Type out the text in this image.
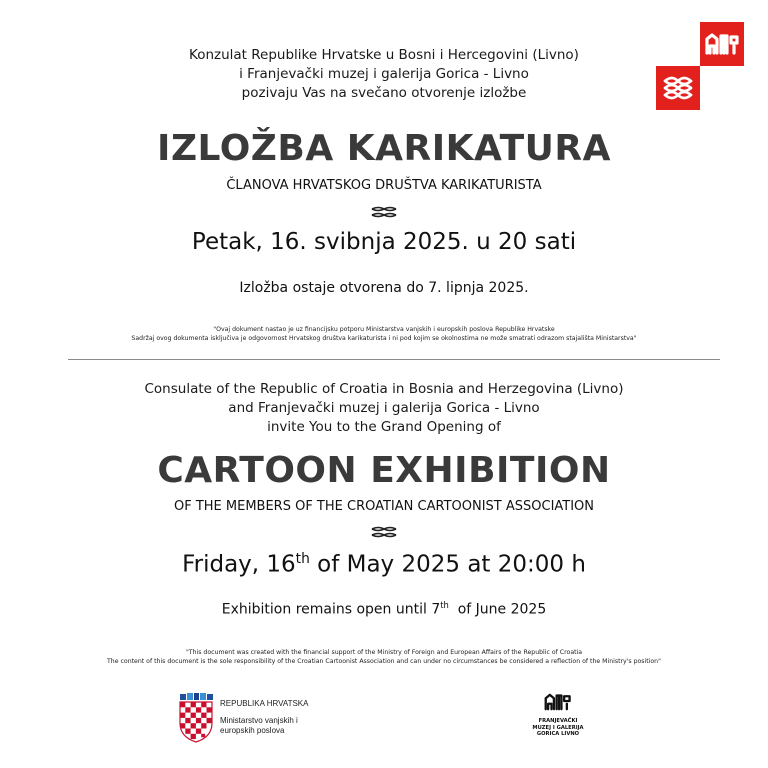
Konzulat Republike Hrvatske u Bosni i Hercegovini (Livno)
i Franjevački muzej i galerija Gorica - Livno
pozivaju Vas na svečano otvorenje izložbe
IZLOŽBA KARIKATURA
ČLANOVA HRVATSKOG DRUŠTVA KARIKATURISTA
Petak, 16. svibnja 2025. u 20 sati
Izložba ostaje otvorena do 7. lipnja 2025.
"Ovaj dokument nastao je uz financijsku potporu Ministarstva vanjskih i europskih poslova Republike Hrvatske
Sadržaj ovog dokumenta isključiva je odgovornost Hrvatskog društva karikaturista i ni pod kojim se okolnostima ne može smatrati odrazom stajališta Ministarstva"
Consulate of the Republic of Croatia in Bosnia and Herzegovina (Livno)
and Franjevački muzej i galerija Gorica - Livno
invite You to the Grand Opening of
CARTOON EXHIBITION
OF THE MEMBERS OF THE CROATIAN CARTOONIST ASSOCIATION
Friday, 16th of May 2025 at 20:00 h
Exhibition remains open until 7th  of June 2025
"This document was created with the financial support of the Ministry of Foreign and European Affairs of the Republic of Croatia
The content of this document is the sole responsibility of the Croatian Cartoonist Association and can under no circumstances be considered a reflection of the Ministry's position"
REPUBLIKA HRVATSKA
Ministarstvo vanjskih i
europskih poslova
FRANJEVAČKI
MUZEJ I GALERIJA
GORICA LIVNO
